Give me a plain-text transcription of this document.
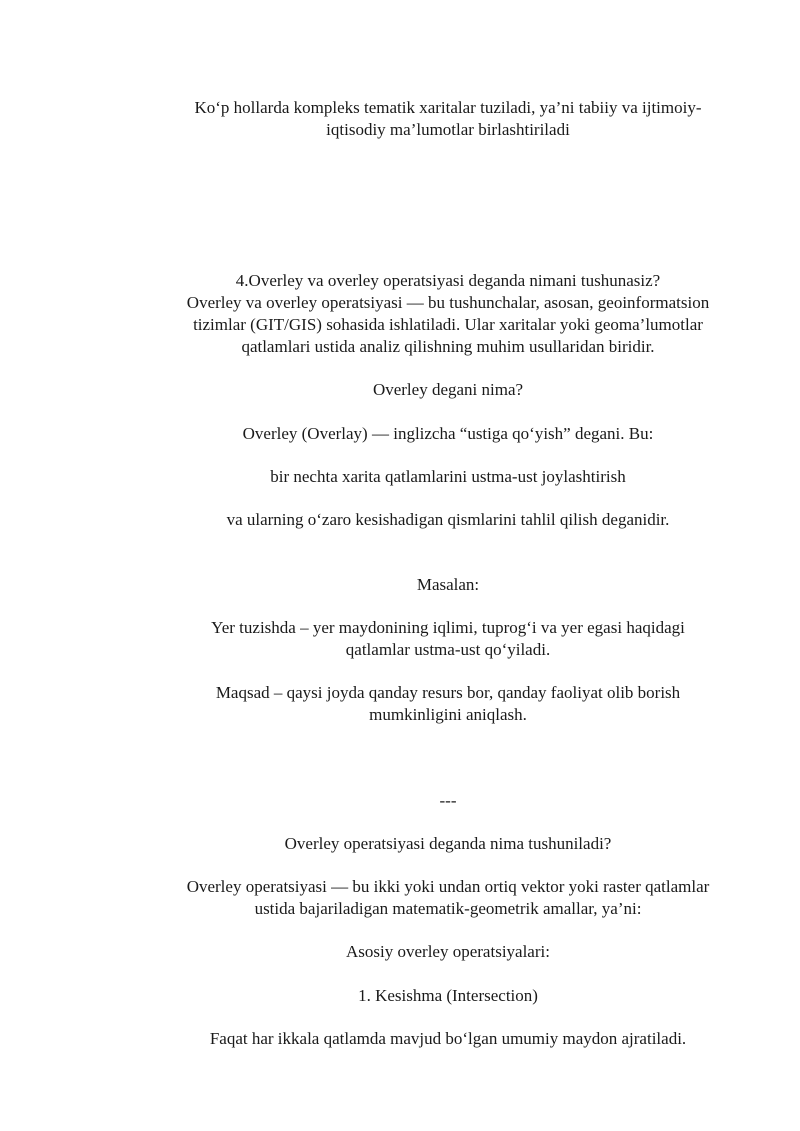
Ko‘p hollarda kompleks tematik xaritalar tuziladi, ya’ni tabiiy va ijtimoiy-
iqtisodiy ma’lumotlar birlashtiriladi
4.Overley va overley operatsiyasi deganda nimani tushunasiz?
Overley va overley operatsiyasi — bu tushunchalar, asosan, geoinformatsion
tizimlar (GIT/GIS) sohasida ishlatiladi. Ular xaritalar yoki geoma’lumotlar
qatlamlari ustida analiz qilishning muhim usullaridan biridir.
Overley degani nima?
Overley (Overlay) — inglizcha “ustiga qo‘yish” degani. Bu:
bir nechta xarita qatlamlarini ustma-ust joylashtirish
va ularning o‘zaro kesishadigan qismlarini tahlil qilish deganidir.
Masalan:
Yer tuzishda – yer maydonining iqlimi, tuprog‘i va yer egasi haqidagi
qatlamlar ustma-ust qo‘yiladi.
Maqsad – qaysi joyda qanday resurs bor, qanday faoliyat olib borish
mumkinligini aniqlash.
---
Overley operatsiyasi deganda nima tushuniladi?
Overley operatsiyasi — bu ikki yoki undan ortiq vektor yoki raster qatlamlar
ustida bajariladigan matematik-geometrik amallar, ya’ni:
Asosiy overley operatsiyalari:
1. Kesishma (Intersection)
Faqat har ikkala qatlamda mavjud bo‘lgan umumiy maydon ajratiladi.
